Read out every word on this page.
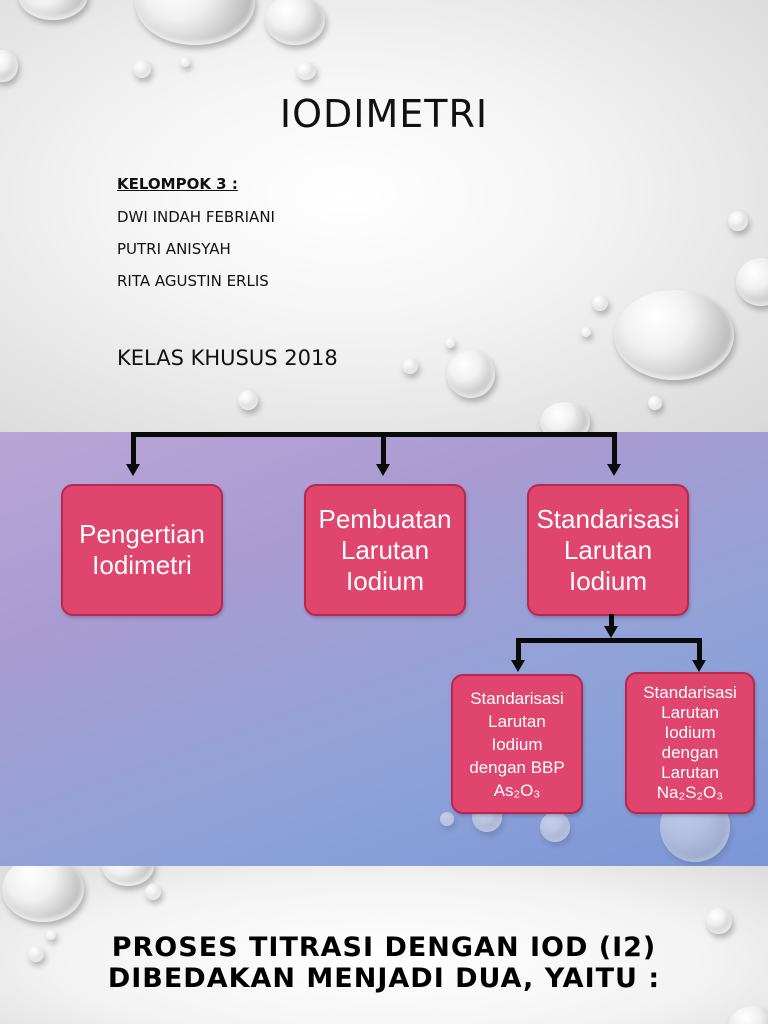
IODIMETRI
KELOMPOK 3 :
DWI INDAH FEBRIANI
PUTRI ANISYAH
RITA AGUSTIN ERLIS
KELAS KHUSUS 2018
Pengertian
Iodimetri
Pembuatan
Larutan
Iodium
Standarisasi
Larutan
Iodium
Standarisasi
Larutan
Iodium
dengan BBP
As₂O₃
Standarisasi
Larutan
Iodium
dengan
Larutan
Na₂S₂O₃
PROSES TITRASI DENGAN IOD (I2)
DIBEDAKAN MENJADI DUA, YAITU :
